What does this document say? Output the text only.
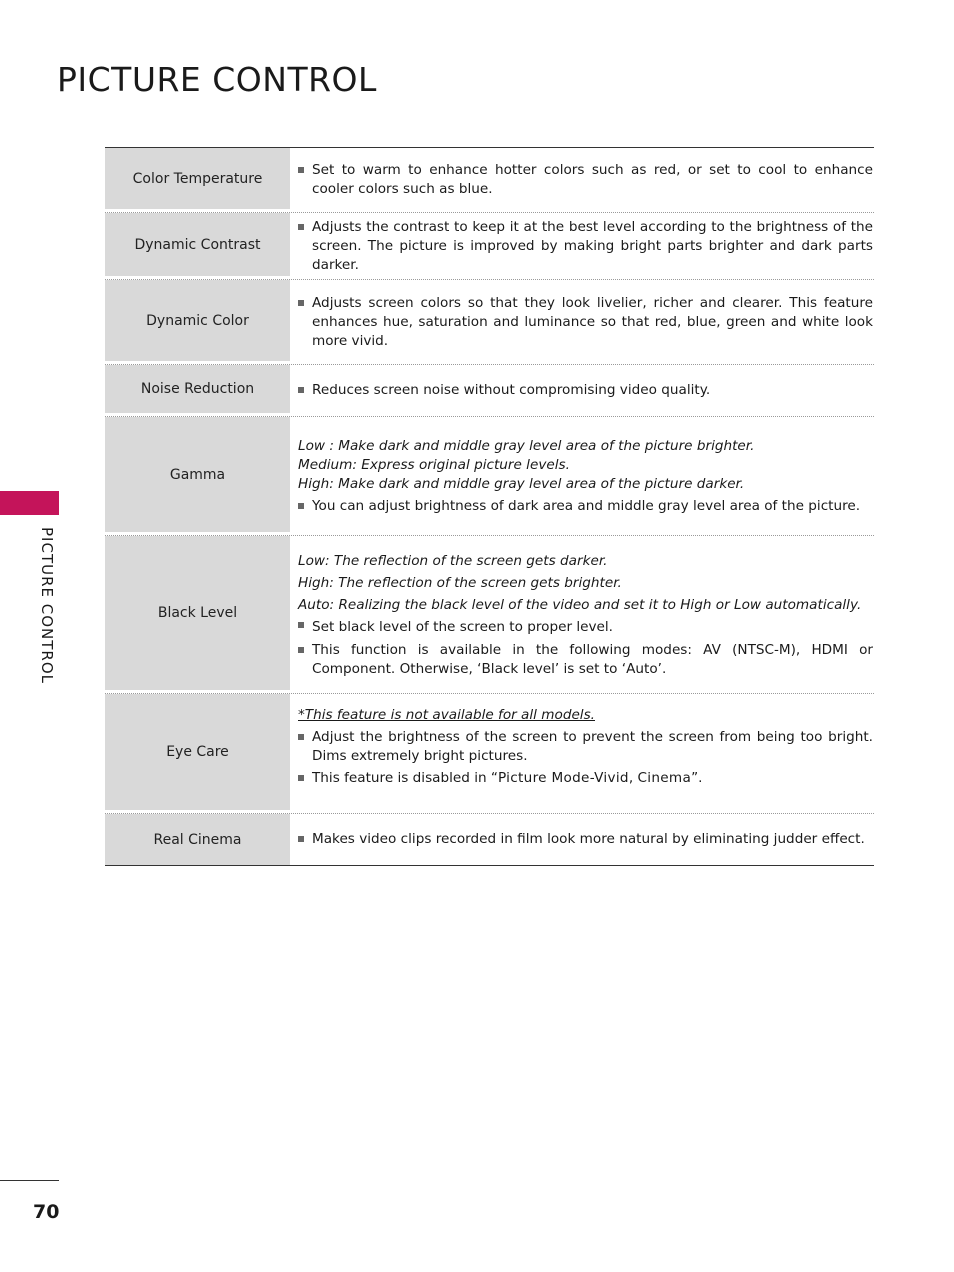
PICTURE CONTROL
PICTURE CONTROL
Color Temperature
Set to warm to enhance hotter colors such as red, or set to cool to enhance cooler colors such as blue.
Dynamic Contrast
Adjusts the contrast to keep it at the best level according to the brightness of the screen. The picture is improved by making bright parts brighter and dark parts darker.
Dynamic Color
Adjusts screen colors so that they look livelier, richer and clearer. This feature enhances hue, saturation and luminance so that red, blue, green and white look more vivid.
Noise Reduction	Reduces screen noise without compromising video quality.
Gamma
Low : Make dark and middle gray level area of the picture brighter.
Medium: Express original picture levels.
High: Make dark and middle gray level area of the picture darker.
You can adjust brightness of dark area and middle gray level area of the picture.
Black Level
Low: The reflection of the screen gets darker.
High: The reflection of the screen gets brighter.
Auto: Realizing the black level of the video and set it to High or Low automatically.
Set black level of the screen to proper level.
This function is available in the following modes: AV (NTSC-M), HDMI or Component. Otherwise, ‘Black level’ is set to ‘Auto’.
Eye Care
*This feature is not available for all models.
Adjust the brightness of the screen to prevent the screen from being too bright. Dims extremely bright pictures.
This feature is disabled in “Picture Mode-Vivid, Cinema”.
Real Cinema	Makes video clips recorded in film look more natural by eliminating judder effect.
70
